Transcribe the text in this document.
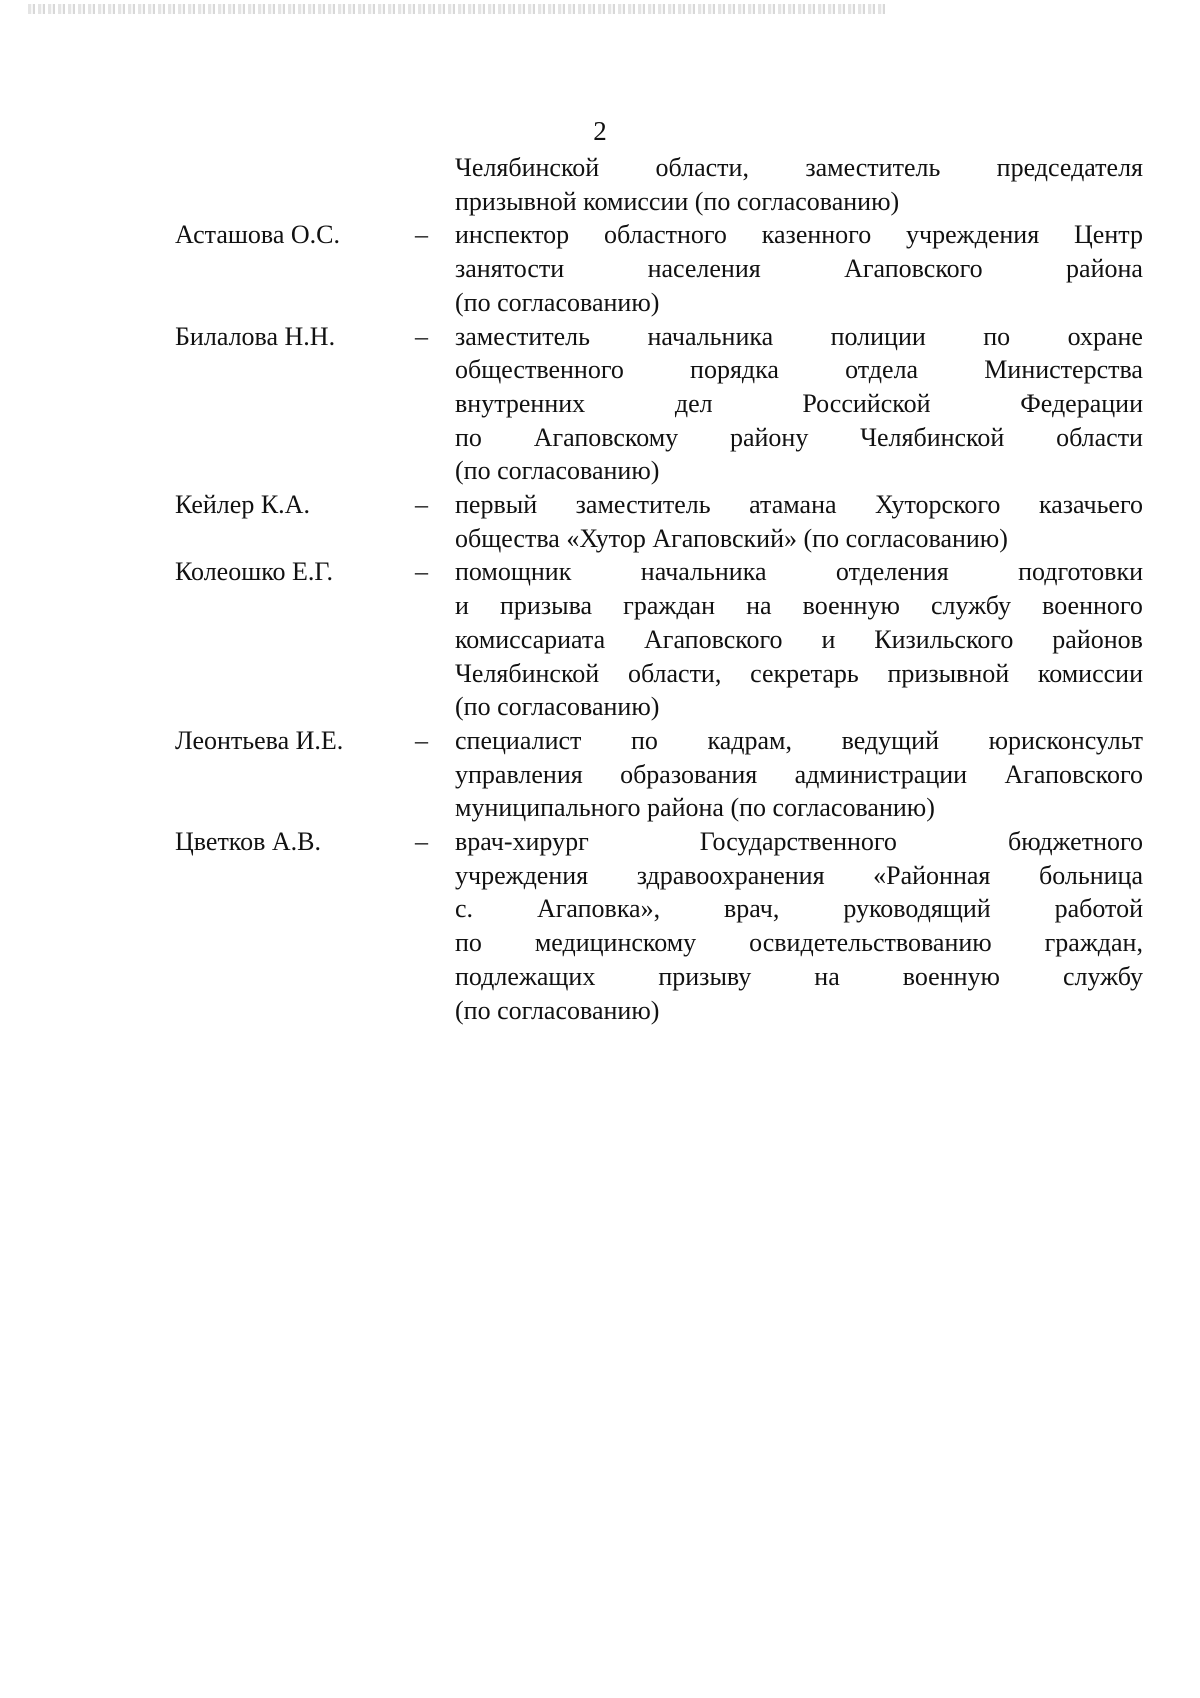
2
Челябинской области, заместитель председателя
призывной комиссии (по согласованию)
Асташова О.С.	–	инспектор областного казенного учреждения Центр
занятости	населения	Агаповского	района
(по согласованию)
Билалова Н.Н.	–	заместитель начальника полиции по охране
общественного	порядка	отдела	Министерства
внутренних	дел	Российской	Федерации
по Агаповскому району Челябинской области
(по согласованию)
Кейлер К.А.	–	первый заместитель атамана Хуторского казачьего
общества «Хутор Агаповский» (по согласованию)
Колеошко Е.Г.	–	помощник	начальника	отделения	подготовки
и призыва граждан на военную службу военного
комиссариата Агаповского и Кизильского районов
Челябинской области, секретарь призывной комиссии
(по согласованию)
Леонтьева И.Е.	–	специалист по кадрам, ведущий юрисконсульт
управления образования администрации Агаповского
муниципального района (по согласованию)
Цветков А.В.	–	врач-хирург	Государственного	бюджетного
учреждения здравоохранения «Районная больница
с. Агаповка», врач, руководящий работой
по медицинскому освидетельствованию граждан,
подлежащих призыву на военную службу
(по согласованию)
